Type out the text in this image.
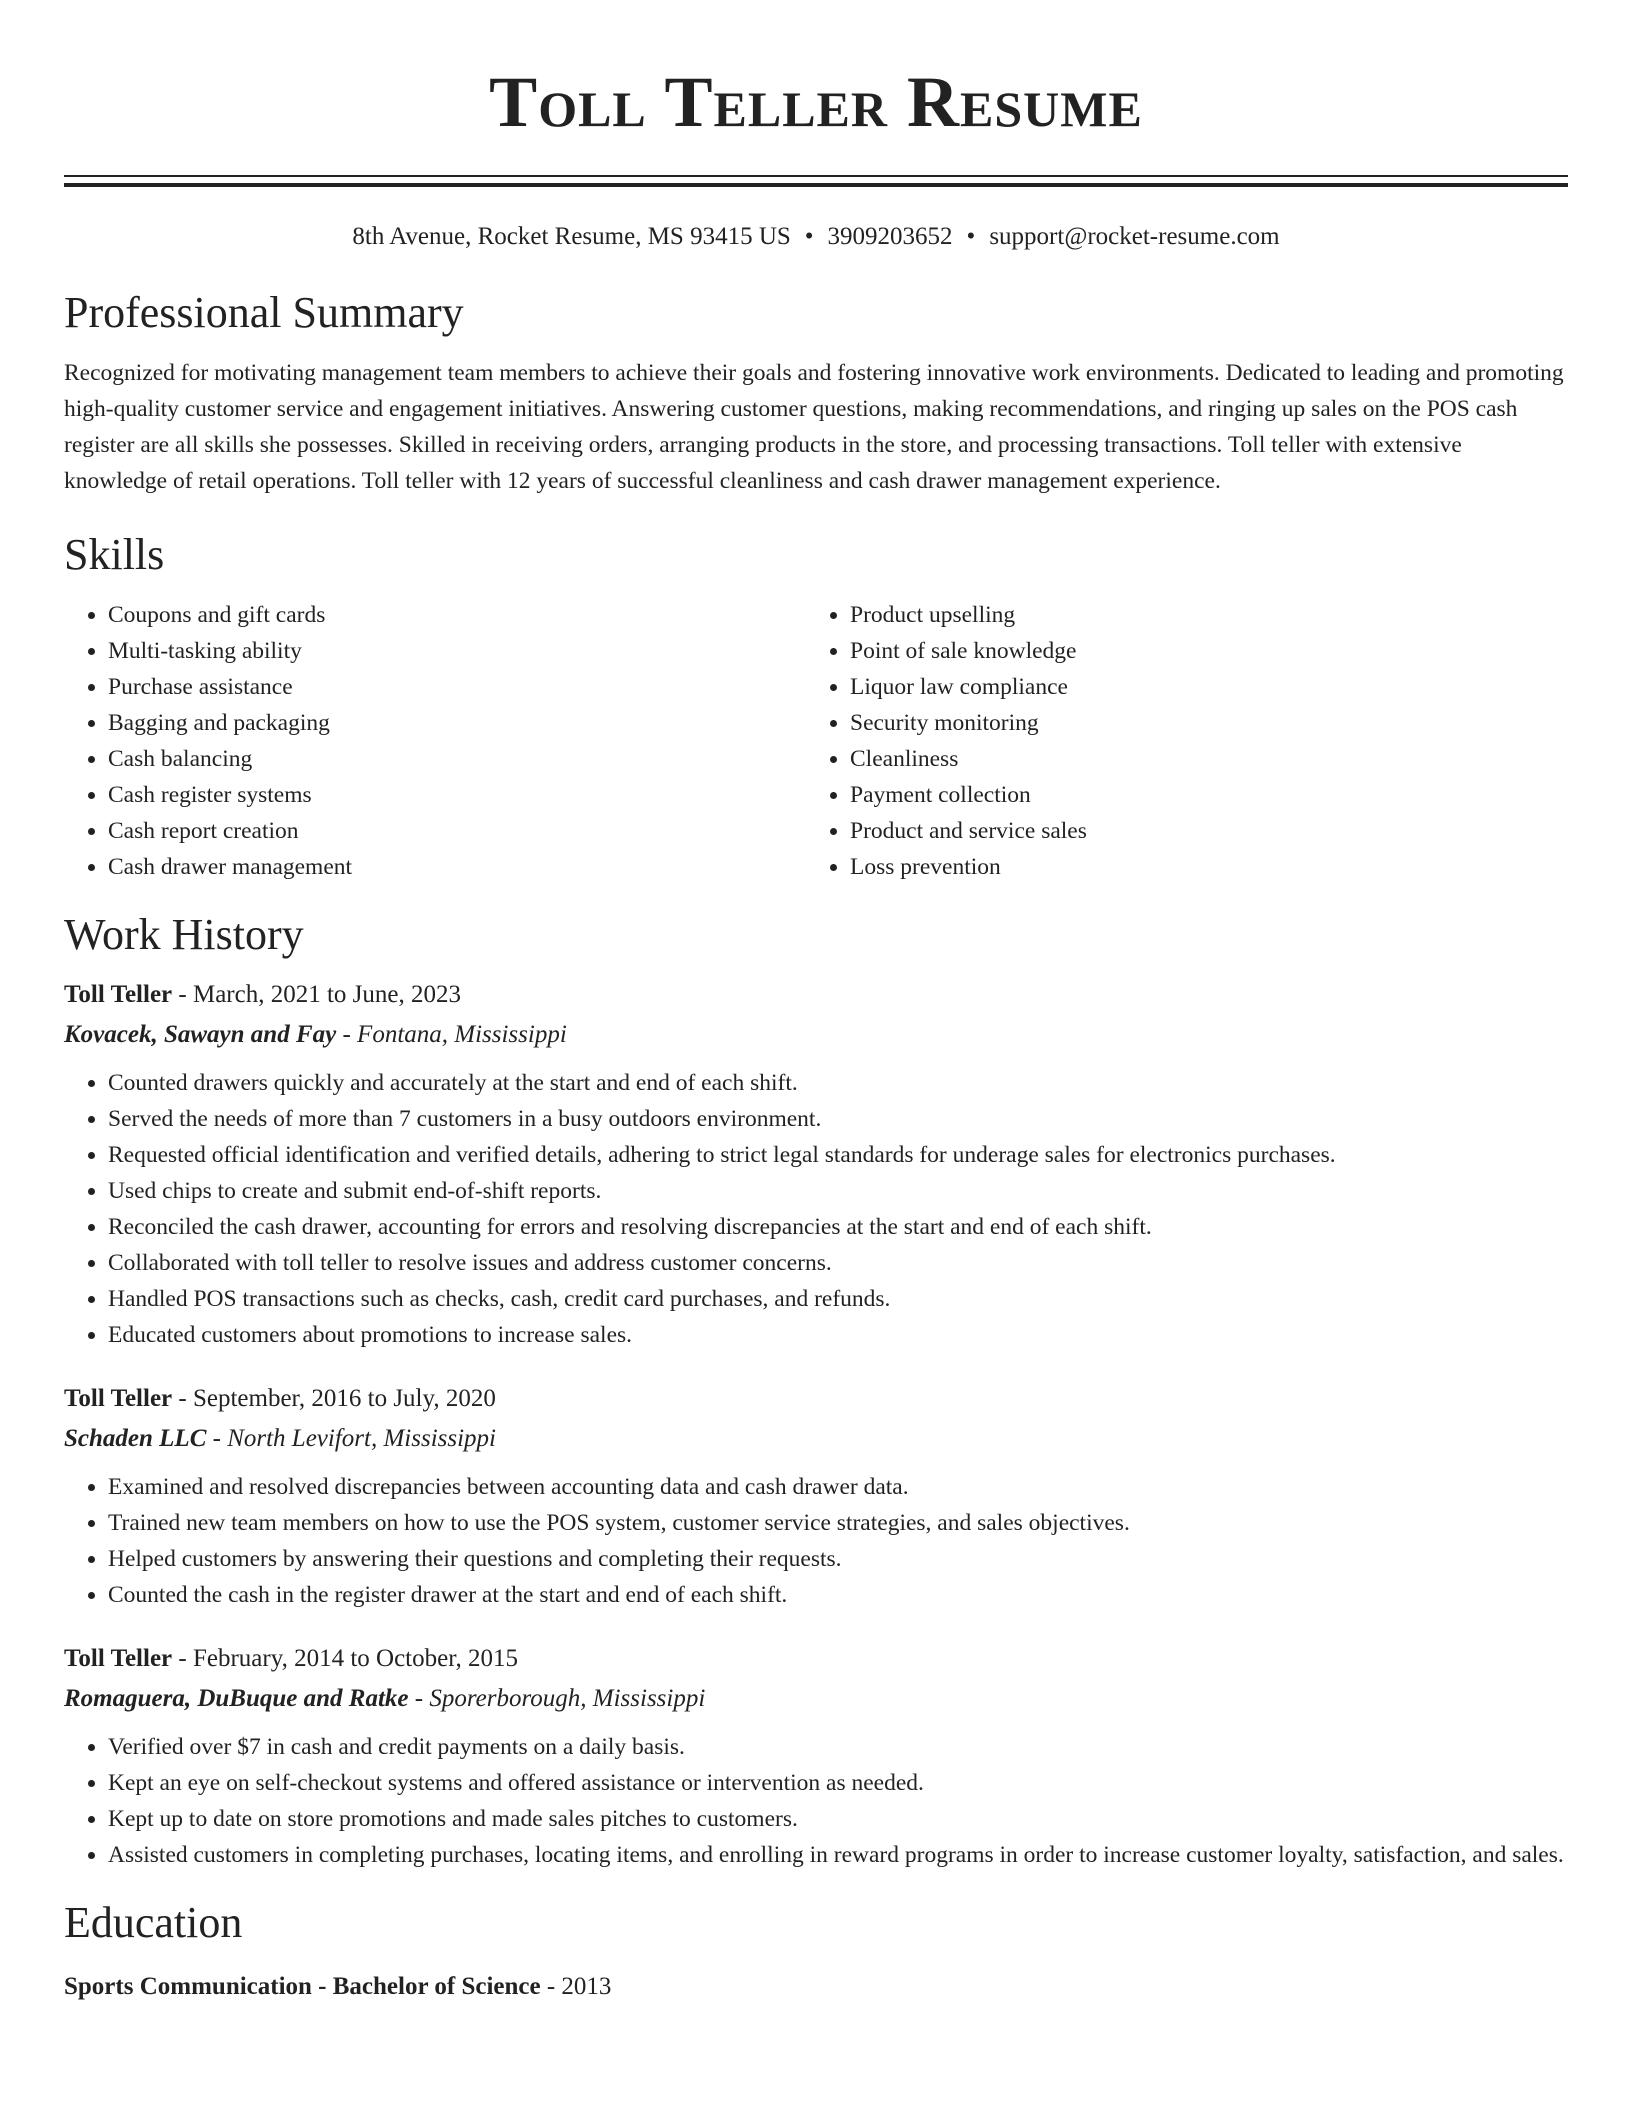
Toll Teller Resume
8th Avenue, Rocket Resume, MS 93415 US • 3909203652 • support@rocket-resume.com
Professional Summary

Recognized for motivating management team members to achieve their goals and fostering innovative work environments. Dedicated to leading and promoting high-quality customer service and engagement initiatives. Answering customer questions, making recommendations, and ringing up sales on the POS cash register are all skills she possesses. Skilled in receiving orders, arranging products in the store, and processing transactions. Toll teller with extensive knowledge of retail operations. Toll teller with 12 years of successful cleanliness and cash drawer management experience.

Skills
• Coupons and gift cards
• Multi-tasking ability
• Purchase assistance
• Bagging and packaging
• Cash balancing
• Cash register systems
• Cash report creation
• Cash drawer management
• Product upselling
• Point of sale knowledge
• Liquor law compliance
• Security monitoring
• Cleanliness
• Payment collection
• Product and service sales
• Loss prevention
Work History
Toll Teller - March, 2021 to June, 2023
Kovacek, Sawayn and Fay - Fontana, Mississippi
• Counted drawers quickly and accurately at the start and end of each shift.
• Served the needs of more than 7 customers in a busy outdoors environment.
• Requested official identification and verified details, adhering to strict legal standards for underage sales for electronics purchases.
• Used chips to create and submit end-of-shift reports.
• Reconciled the cash drawer, accounting for errors and resolving discrepancies at the start and end of each shift.
• Collaborated with toll teller to resolve issues and address customer concerns.
• Handled POS transactions such as checks, cash, credit card purchases, and refunds.
• Educated customers about promotions to increase sales.
Toll Teller - September, 2016 to July, 2020
Schaden LLC - North Levifort, Mississippi
• Examined and resolved discrepancies between accounting data and cash drawer data.
• Trained new team members on how to use the POS system, customer service strategies, and sales objectives.
• Helped customers by answering their questions and completing their requests.
• Counted the cash in the register drawer at the start and end of each shift.
Toll Teller - February, 2014 to October, 2015
Romaguera, DuBuque and Ratke - Sporerborough, Mississippi
• Verified over $7 in cash and credit payments on a daily basis.
• Kept an eye on self-checkout systems and offered assistance or intervention as needed.
• Kept up to date on store promotions and made sales pitches to customers.
• Assisted customers in completing purchases, locating items, and enrolling in reward programs in order to increase customer loyalty, satisfaction, and sales.
Education
Sports Communication - Bachelor of Science - 2013
